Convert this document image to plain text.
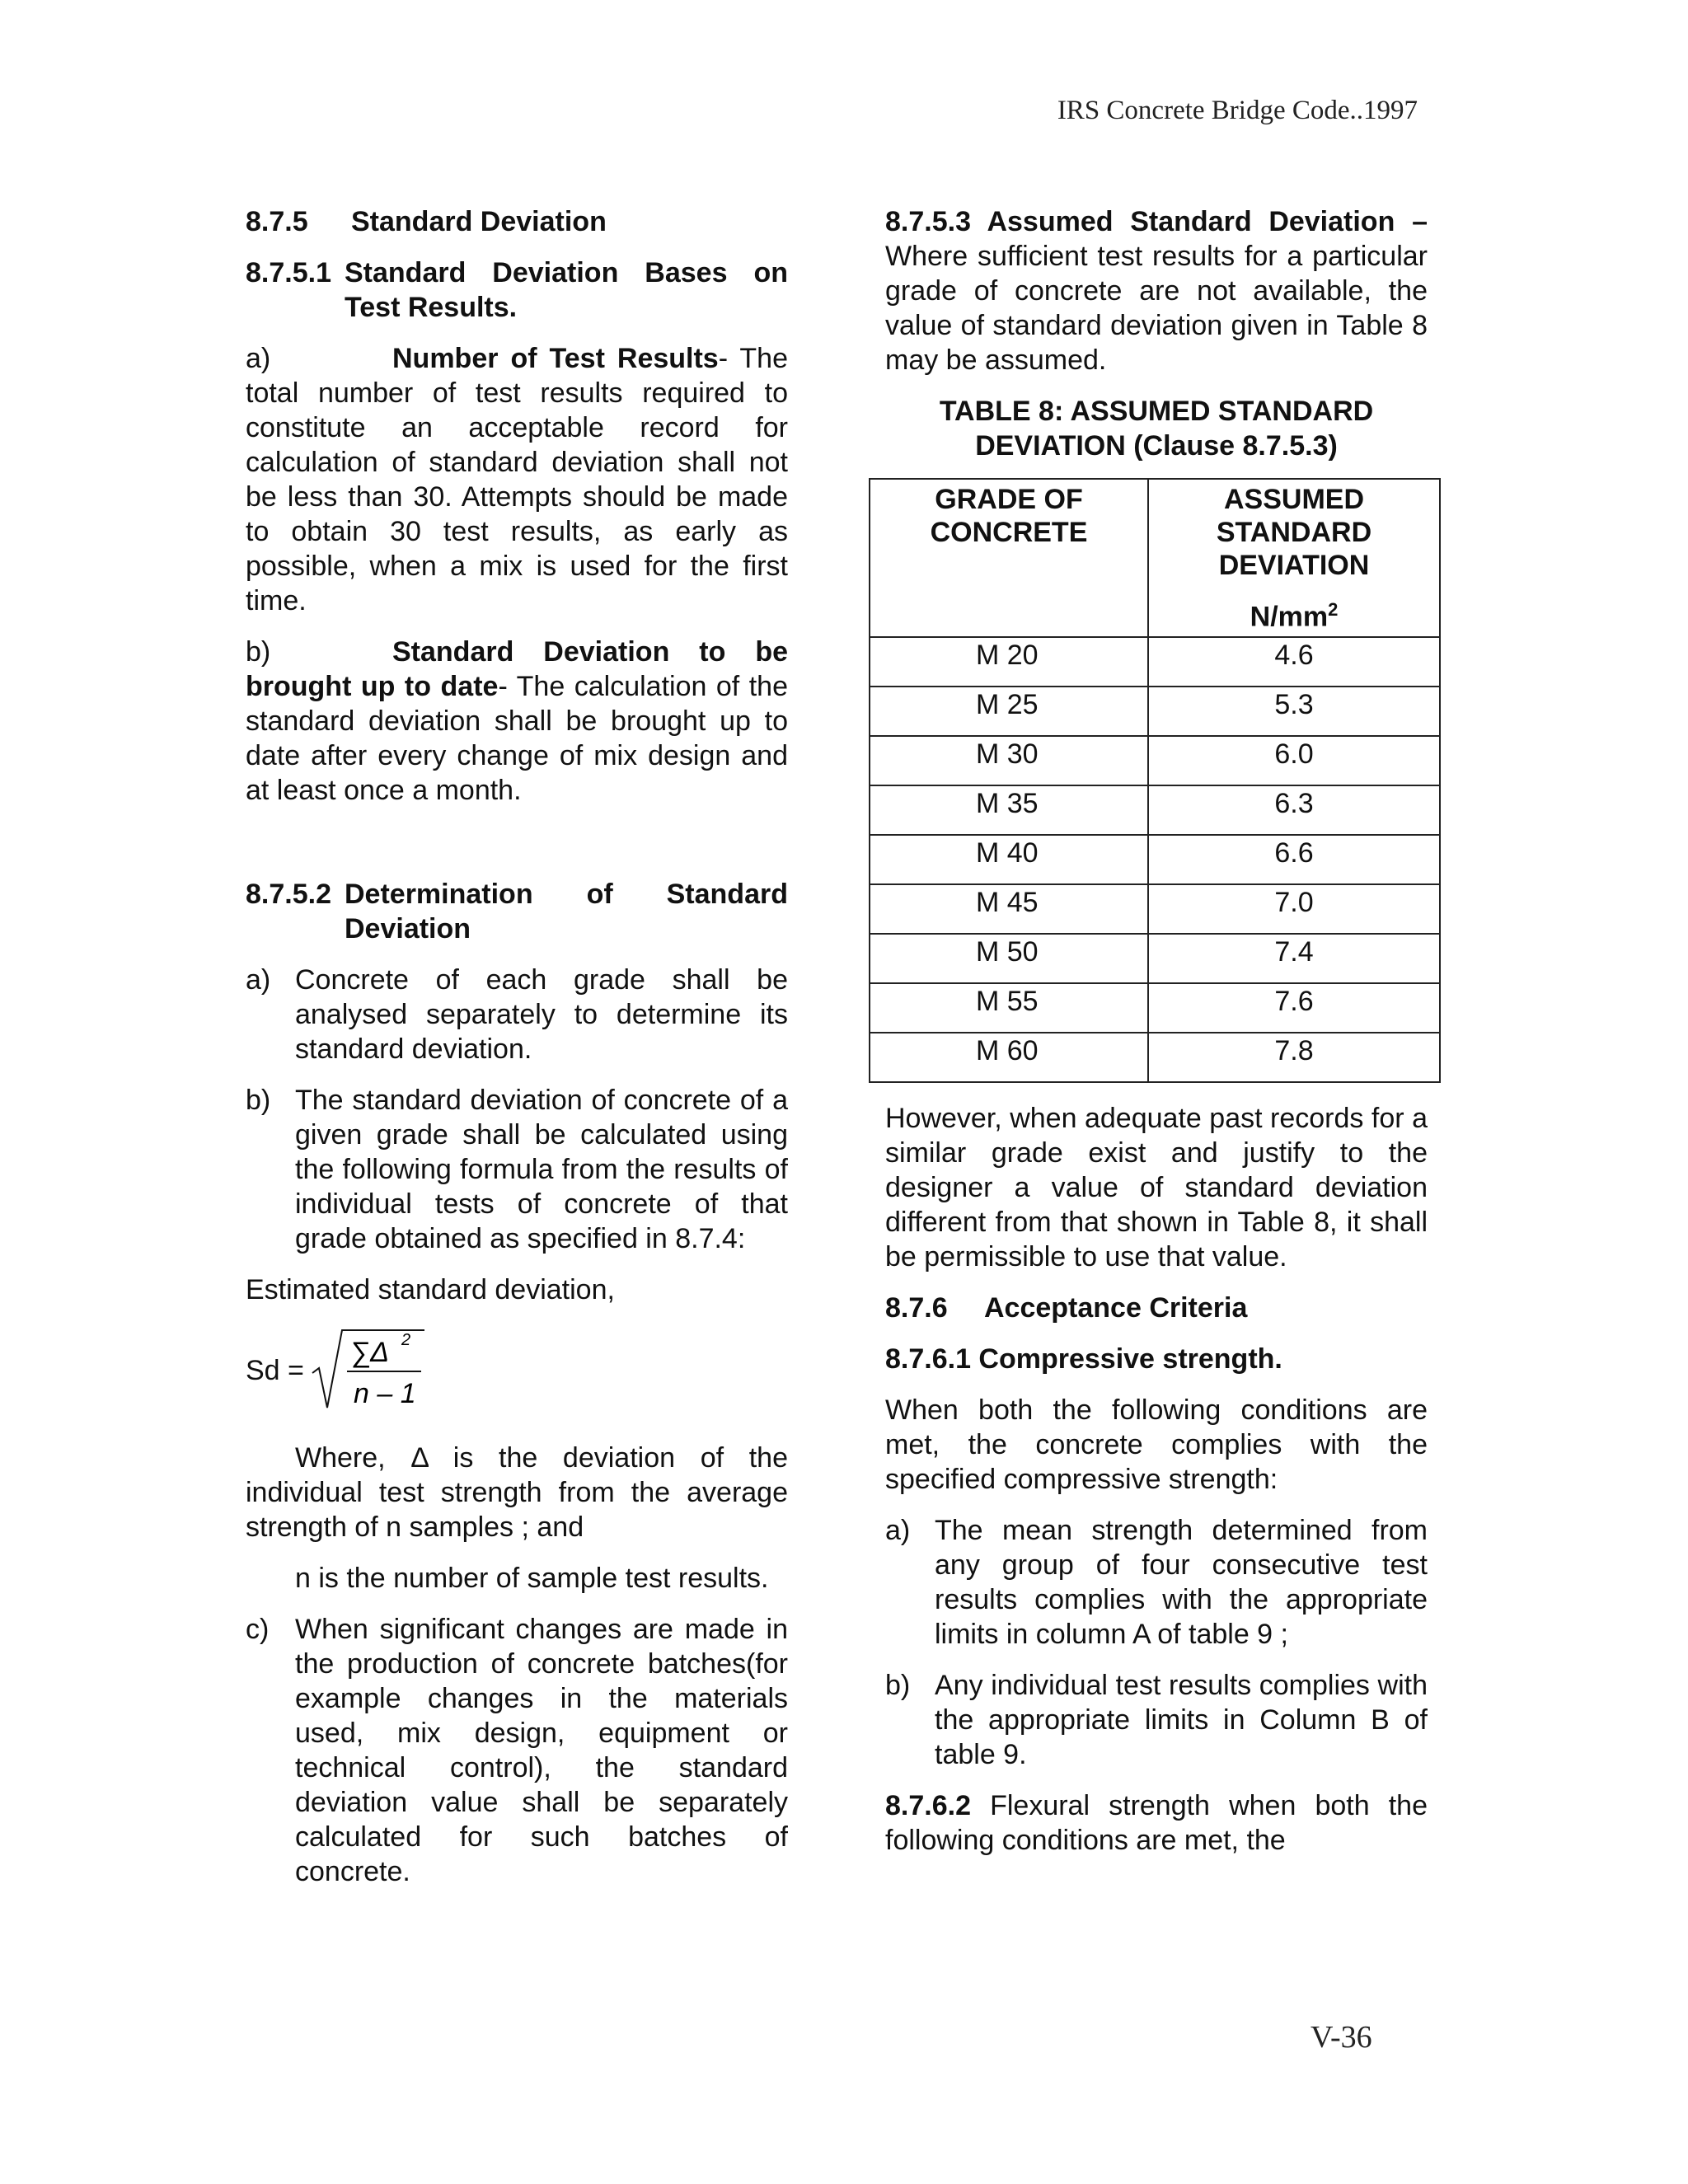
IRS Concrete Bridge Code..1997
8.7.5 Standard Deviation
8.7.5.1 Standard Deviation Bases on
Test Results.

a)	Number of Test Results- The total number of test results required to constitute an acceptable record for calculation of standard deviation shall not be less than 30. Attempts should be made to obtain 30 test results, as early as possible, when a mix is used for the first time.

b)	Standard Deviation to be brought up to date- The calculation of the standard deviation shall be brought up to date after every change of mix design and at least once a month.

8.7.5.2 Determination of Standard
Deviation
a) Concrete of each grade shall be analysed separately to determine its standard deviation.
b) The standard deviation of concrete of a given grade shall be calculated using the following formula from the results of individual tests of concrete of that grade obtained as specified in 8.7.4:

Estimated standard deviation,

Sd =
∑Δ 2
n – 1

Where, Δ is the deviation of the individual test strength from the average strength of n samples ; and

n is the number of sample test results.

c) When significant changes are made in the production of concrete batches(for example changes in the materials used, mix design, equipment or technical control), the standard deviation value shall be separately calculated for such batches of concrete.

8.7.5.3 Assumed Standard Deviation – Where sufficient test results for a particular grade of concrete are not available, the value of standard deviation given in Table 8 may be assumed.

TABLE 8: ASSUMED STANDARD
DEVIATION (Clause 8.7.5.3)
GRADE OF CONCRETE	ASSUMED STANDARD DEVIATION
$N/mm^2$

M 20	4.6
M 25	5.3
M 30	6.0
M 35	6.3
M 40	6.6
M 45	7.0
M 50	7.4
M 55	7.6
M 60	7.8

However, when adequate past records for a similar grade exist and justify to the designer a value of standard deviation different from that shown in Table 8, it shall be permissible to use that value.

8.7.6 Acceptance Criteria
8.7.6.1 Compressive strength.

When both the following conditions are met, the concrete complies with the specified compressive strength:

a) The mean strength determined from any group of four consecutive test results complies with the appropriate limits in column A of table 9 ;
b) Any individual test results complies with the appropriate limits in Column B of table 9.

8.7.6.2 Flexural strength when both the following conditions are met, the

V-36
